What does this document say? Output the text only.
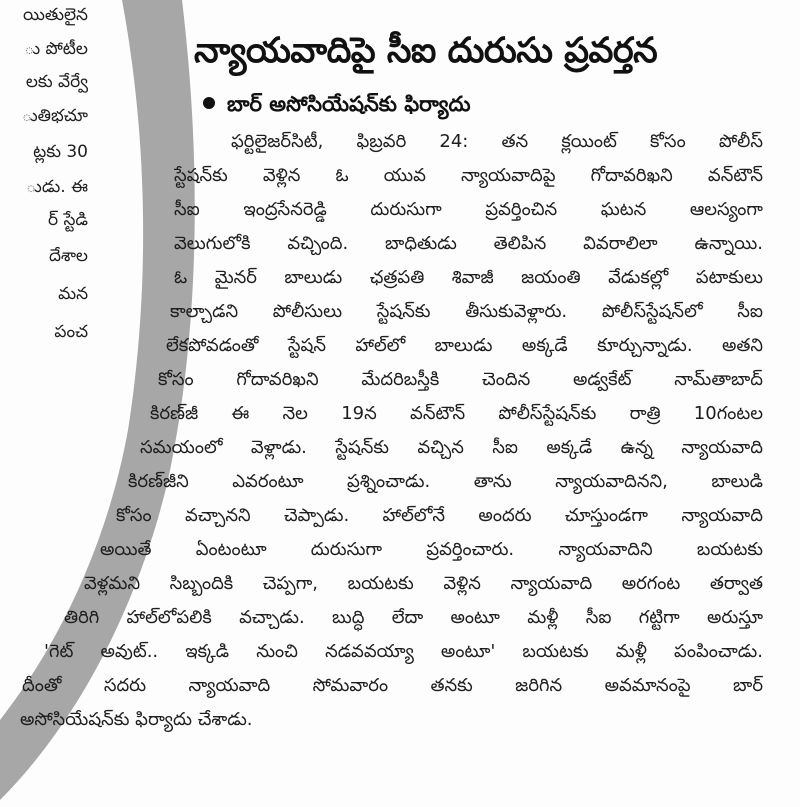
యితులైన
ు పోటీల
లకు వేర్వే
ుతిభచూ
ట్లకు 30
ుడు. ఈ
ర్ స్టేడి
దేశాల
మన
పంచ
న్యాయవాదిపై సీఐ దురుసు ప్రవర్తన
బార్ అసోసియేషన్‌కు ఫిర్యాదు
ఫర్టిలైజర్‌సిటీ, ఫిబ్రవరి 24: తన క్లయింట్ కోసం పోలీస్
స్టేషన్‌కు వెళ్లిన ఓ యువ న్యాయవాదిపై గోదావరిఖని వన్‌టౌన్
సీఐ ఇంద్రసేనరెడ్డి దురుసుగా ప్రవర్తించిన ఘటన ఆలస్యంగా
వెలుగులోకి వచ్చింది. బాధితుడు తెలిపిన వివరాలిలా ఉన్నాయి.
ఓ మైనర్ బాలుడు ఛత్రపతి శివాజీ జయంతి వేడుకల్లో పటాకులు
కాల్చాడని పోలీసులు స్టేషన్‌కు తీసుకువెళ్లారు. పోలీస్‌స్టేషన్‌లో సీఐ
లేకపోవడంతో స్టేషన్ హాల్‌లో బాలుడు అక్కడే కూర్చున్నాడు. అతని
కోసం గోదావరిఖని మేదరిబస్తీకి చెందిన అడ్వకేట్ నామ్‌తాబాద్
కిరణ్‌జీ ఈ నెల 19న వన్‌టౌన్ పోలీస్‌స్టేషన్‌కు రాత్రి 10గంటల
సమయంలో వెళ్లాడు. స్టేషన్‌కు వచ్చిన సీఐ అక్కడే ఉన్న న్యాయవాది
కిరణ్‌జీని ఎవరంటూ ప్రశ్నించాడు. తాను న్యాయవాదినని, బాలుడి
కోసం వచ్చానని చెప్పాడు. హాల్‌లోనే అందరు చూస్తుండగా న్యాయవాది
అయితే ఏంటంటూ దురుసుగా ప్రవర్తించారు. న్యాయవాదిని బయటకు
వెళ్లమని సిబ్బందికి చెప్పగా, బయటకు వెళ్లిన న్యాయవాది అరగంట తర్వాత
తిరిగి హాల్‌లోపలికి వచ్చాడు. బుద్ధి లేదా అంటూ మళ్లీ సీఐ గట్టిగా అరుస్తూ
'గెట్ అవుట్.. ఇక్కడి నుంచి నడవవయ్యా అంటూ' బయటకు మళ్లీ పంపించాడు.
దీంతో సదరు న్యాయవాది సోమవారం తనకు జరిగిన అవమానంపై బార్
అసోసియేషన్‌కు ఫిర్యాదు చేశాడు.
